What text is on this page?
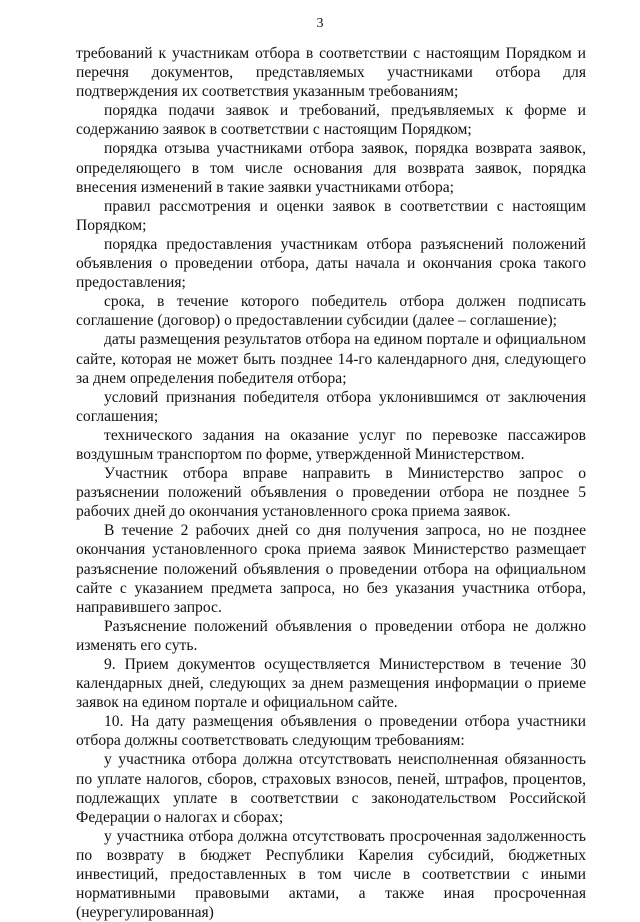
3

требований к участникам отбора в соответствии с настоящим Порядком и перечня документов, представляемых участниками отбора для подтверждения их соответствия указанным требованиям;

порядка подачи заявок и требований, предъявляемых к форме и содержанию заявок в соответствии с настоящим Порядком;

порядка отзыва участниками отбора заявок, порядка возврата заявок, определяющего в том числе основания для возврата заявок, порядка внесения изменений в такие заявки участниками отбора;

правил рассмотрения и оценки заявок в соответствии с настоящим Порядком;

порядка предоставления участникам отбора разъяснений положений объявления о проведении отбора, даты начала и окончания срока такого предоставления;

срока, в течение которого победитель отбора должен подписать соглашение (договор) о предоставлении субсидии (далее – соглашение);

даты размещения результатов отбора на едином портале и официальном сайте, которая не может быть позднее 14-го календарного дня, следующего за днем определения победителя отбора;

условий признания победителя отбора уклонившимся от заключения соглашения;

технического задания на оказание услуг по перевозке пассажиров воздушным транспортом по форме, утвержденной Министерством.

Участник отбора вправе направить в Министерство запрос о разъяснении положений объявления о проведении отбора не позднее 5 рабочих дней до окончания установленного срока приема заявок.

В течение 2 рабочих дней со дня получения запроса, но не позднее окончания установленного срока приема заявок Министерство размещает разъяснение положений объявления о проведении отбора на официальном сайте с указанием предмета запроса, но без указания участника отбора, направившего запрос.

Разъяснение положений объявления о проведении отбора не должно изменять его суть.

9. Прием документов осуществляется Министерством в течение 30 календарных дней, следующих за днем размещения информации о приеме заявок на едином портале и официальном сайте.

10. На дату размещения объявления о проведении отбора участники отбора должны соответствовать следующим требованиям:

у участника отбора должна отсутствовать неисполненная обязанность по уплате налогов, сборов, страховых взносов, пеней, штрафов, процентов, подлежащих уплате в соответствии с законодательством Российской Федерации о налогах и сборах;

у участника отбора должна отсутствовать просроченная задолженность по возврату в бюджет Республики Карелия субсидий, бюджетных инвестиций, предоставленных в том числе в соответствии с иными нормативными правовыми актами, а также иная просроченная (неурегулированная)
